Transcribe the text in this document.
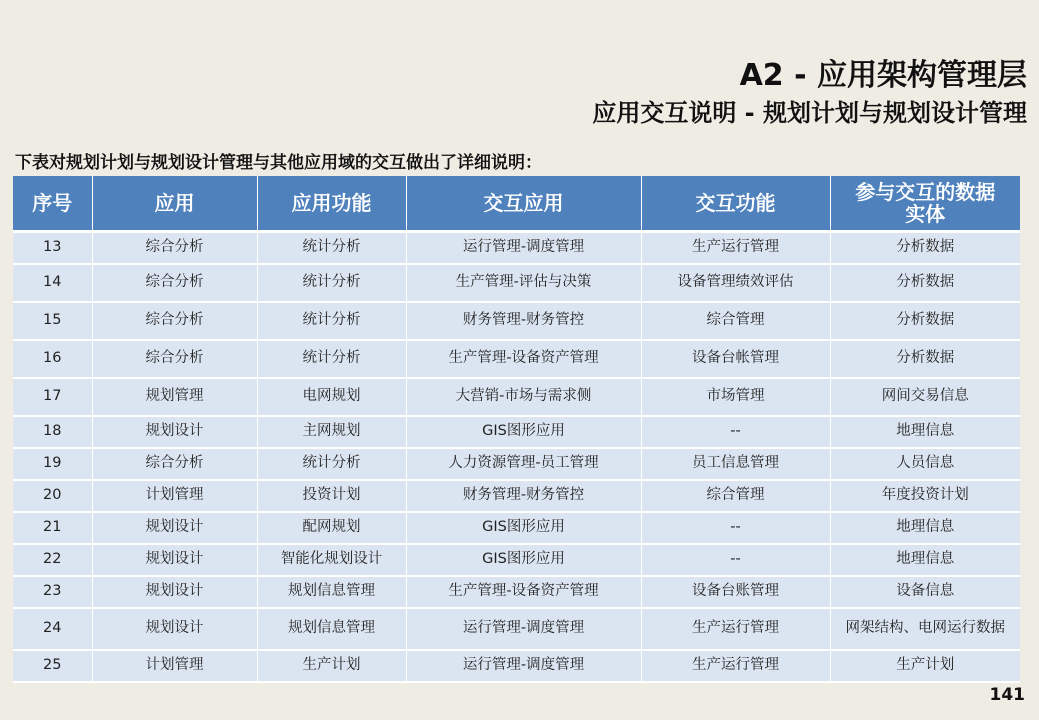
A2 - 应用架构管理层
应用交互说明 - 规划计划与规划设计管理
下表对规划计划与规划设计管理与其他应用域的交互做出了详细说明：
序号	应用	应用功能	交互应用	交互功能	参与交互的数据实体
13	综合分析	统计分析	运行管理-调度管理	生产运行管理	分析数据
14	综合分析	统计分析	生产管理-评估与决策	设备管理绩效评估	分析数据
15	综合分析	统计分析	财务管理-财务管控	综合管理	分析数据
16	综合分析	统计分析	生产管理-设备资产管理	设备台帐管理	分析数据
17	规划管理	电网规划	大营销-市场与需求侧	市场管理	网间交易信息
18	规划设计	主网规划	GIS图形应用	--	地理信息
19	综合分析	统计分析	人力资源管理-员工管理	员工信息管理	人员信息
20	计划管理	投资计划	财务管理-财务管控	综合管理	年度投资计划
21	规划设计	配网规划	GIS图形应用	--	地理信息
22	规划设计	智能化规划设计	GIS图形应用	--	地理信息
23	规划设计	规划信息管理	生产管理-设备资产管理	设备台账管理	设备信息
24	规划设计	规划信息管理	运行管理-调度管理	生产运行管理	网架结构、电网运行数据
25	计划管理	生产计划	运行管理-调度管理	生产运行管理	生产计划
141
